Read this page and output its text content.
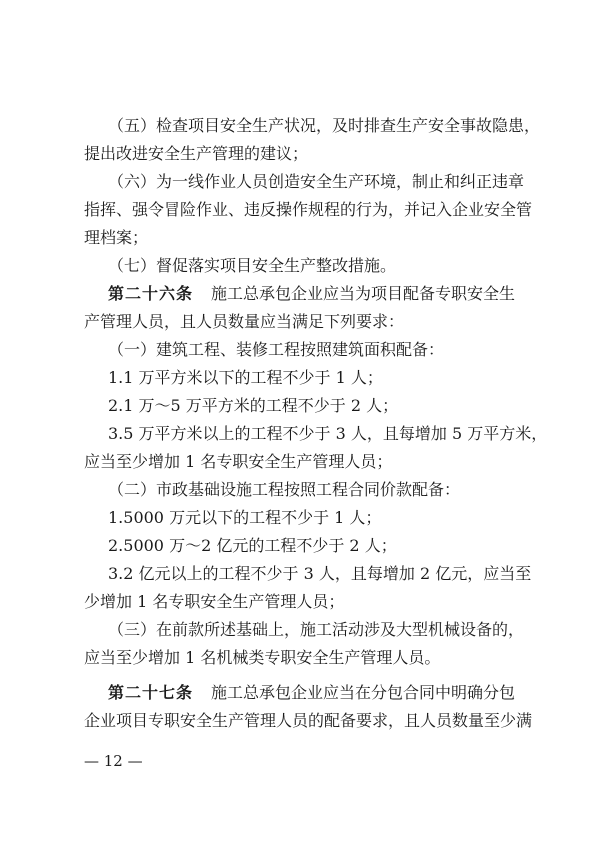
（五）检查项目安全生产状况，及时排查生产安全事故隐患，
提出改进安全生产管理的建议；
（六）为一线作业人员创造安全生产环境，制止和纠正违章
指挥、强令冒险作业、违反操作规程的行为，并记入企业安全管
理档案；
（七）督促落实项目安全生产整改措施。
第二十六条 施工总承包企业应当为项目配备专职安全生
产管理人员，且人员数量应当满足下列要求：
（一）建筑工程、装修工程按照建筑面积配备：
1.1 万平方米以下的工程不少于 1 人；
2.1 万～5 万平方米的工程不少于 2 人；
3.5 万平方米以上的工程不少于 3 人，且每增加 5 万平方米，
应当至少增加 1 名专职安全生产管理人员；
（二）市政基础设施工程按照工程合同价款配备：
1.5000 万元以下的工程不少于 1 人；
2.5000 万～2 亿元的工程不少于 2 人；
3.2 亿元以上的工程不少于 3 人，且每增加 2 亿元，应当至
少增加 1 名专职安全生产管理人员；
（三）在前款所述基础上，施工活动涉及大型机械设备的，
应当至少增加 1 名机械类专职安全生产管理人员。
第二十七条 施工总承包企业应当在分包合同中明确分包
企业项目专职安全生产管理人员的配备要求，且人员数量至少满
— 12 —
